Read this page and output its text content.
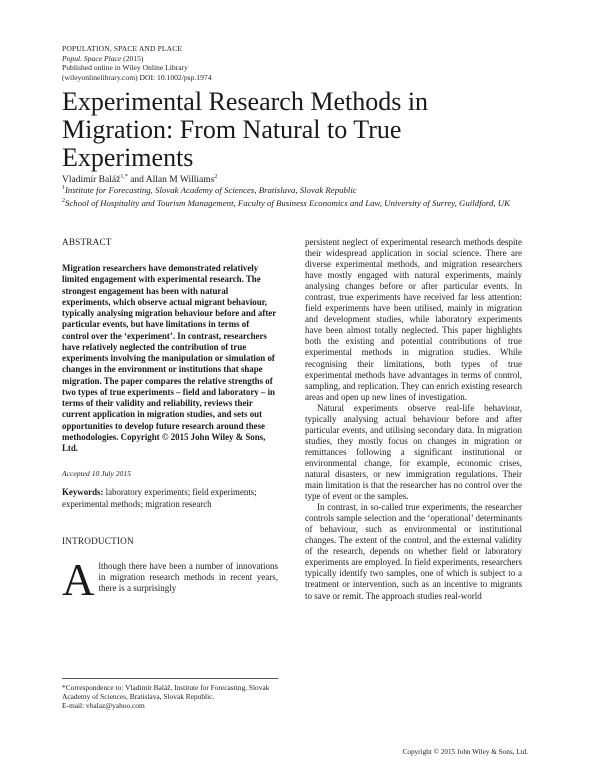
POPULATION, SPACE AND PLACE
Popul. Space Place (2015)
Published online in Wiley Online Library
(wileyonlinelibrary.com) DOI: 10.1002/psp.1974
Experimental Research Methods in Migration: From Natural to True Experiments
Vladimír Baláž$^{1,*}$ and Allan M Williams$^2$
$^1$Institute for Forecasting, Slovak Academy of Sciences, Bratislava, Slovak Republic
$^2$School of Hospitality and Tourism Management, Faculty of Business Economics and Law, University of Surrey, Guildford, UK
ABSTRACT
Migration researchers have demonstrated relatively limited engagement with experimental research. The strongest engagement has been with natural experiments, which observe actual migrant behaviour, typically analysing migration behaviour before and after particular events, but have limitations in terms of control over the ‘experiment’. In contrast, researchers have relatively neglected the contribution of true experiments involving the manipulation or simulation of changes in the environment or institutions that shape migration. The paper compares the relative strengths of two types of true experiments – field and laboratory – in terms of their validity and reliability, reviews their current application in migration studies, and sets out opportunities to develop future research around these methodologies. Copyright © 2015 John Wiley & Sons, Ltd.
Accepted 10 July 2015
Keywords: laboratory experiments; field experiments; experimental methods; migration research
INTRODUCTION
Although there have been a number of innovations in migration research methods in recent years, there is a surprisingly
*Correspondence to: Vladimír Baláž, Institute for Forecasting, Slovak Academy of Sciences, Bratislava, Slovak Republic.
E-mail: vbalaz@yahoo.com

persistent neglect of experimental research methods despite their widespread application in social science. There are diverse experimental methods, and migration researchers have mostly engaged with natural experiments, mainly analysing changes before or after particular events. In contrast, true experiments have received far less attention: field experiments have been utilised, mainly in migration and development studies, while laboratory experiments have been almost totally neglected. This paper highlights both the existing and potential contributions of true experimental methods in migration studies. While recognising their limitations, both types of true experimental methods have advantages in terms of control, sampling, and replication. They can enrich existing research areas and open up new lines of investigation.

Natural experiments observe real-life behaviour, typically analysing actual behaviour before and after particular events, and utilising secondary data. In migration studies, they mostly focus on changes in migration or remittances following a significant institutional or environmental change, for example, economic crises, natural disasters, or new immigration regulations. Their main limitation is that the researcher has no control over the type of event or the samples.

In contrast, in so-called true experiments, the researcher controls sample selection and the ‘operational’ determinants of behaviour, such as environmental or institutional changes. The extent of the control, and the external validity of the research, depends on whether field or laboratory experiments are employed. In field experiments, researchers typically identify two samples, one of which is subject to a treatment or intervention, such as an incentive to migrants to save or remit. The approach studies real-world

Copyright © 2015 John Wiley & Sons, Ltd.
